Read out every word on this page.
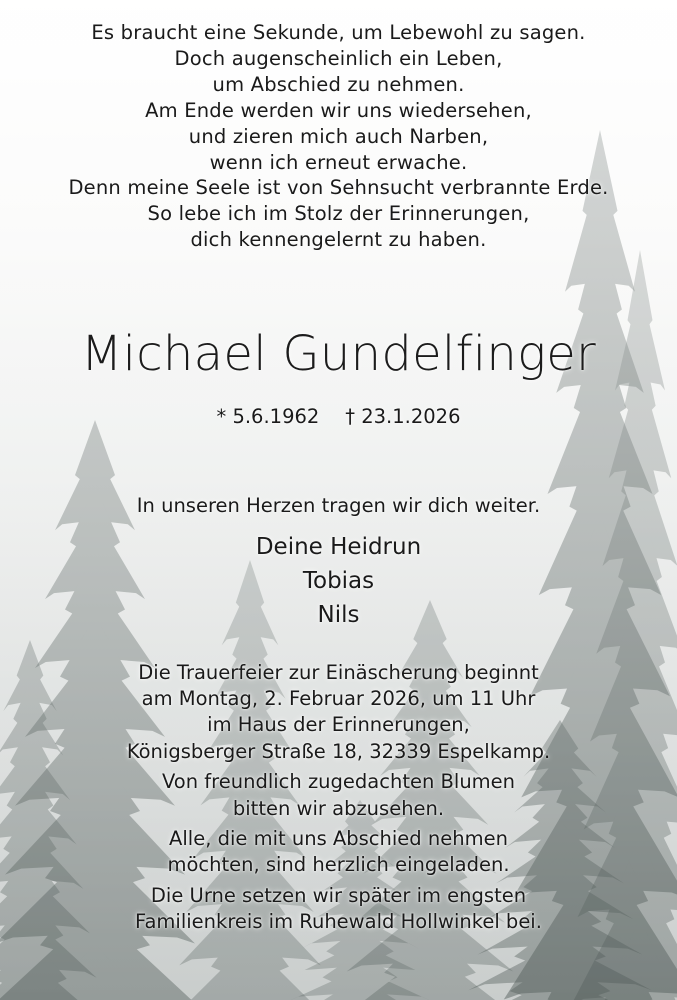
Es braucht eine Sekunde, um Lebewohl zu sagen.
Doch augenscheinlich ein Leben,
um Abschied zu nehmen.
Am Ende werden wir uns wiedersehen,
und zieren mich auch Narben,
wenn ich erneut erwache.
Denn meine Seele ist von Sehnsucht verbrannte Erde.
So lebe ich im Stolz der Erinnerungen,
dich kennengelernt zu haben.
Michael Gundelfinger
* 5.6.1962 † 23.1.2026
In unseren Herzen tragen wir dich weiter.
Deine Heidrun
Tobias
Nils
Die Trauerfeier zur Einäscherung beginnt
am Montag, 2. Februar 2026, um 11 Uhr
im Haus der Erinnerungen,
Königsberger Straße 18, 32339 Espelkamp.
Von freundlich zugedachten Blumen
bitten wir abzusehen.
Alle, die mit uns Abschied nehmen
möchten, sind herzlich eingeladen.
Die Urne setzen wir später im engsten
Familienkreis im Ruhewald Hollwinkel bei.
